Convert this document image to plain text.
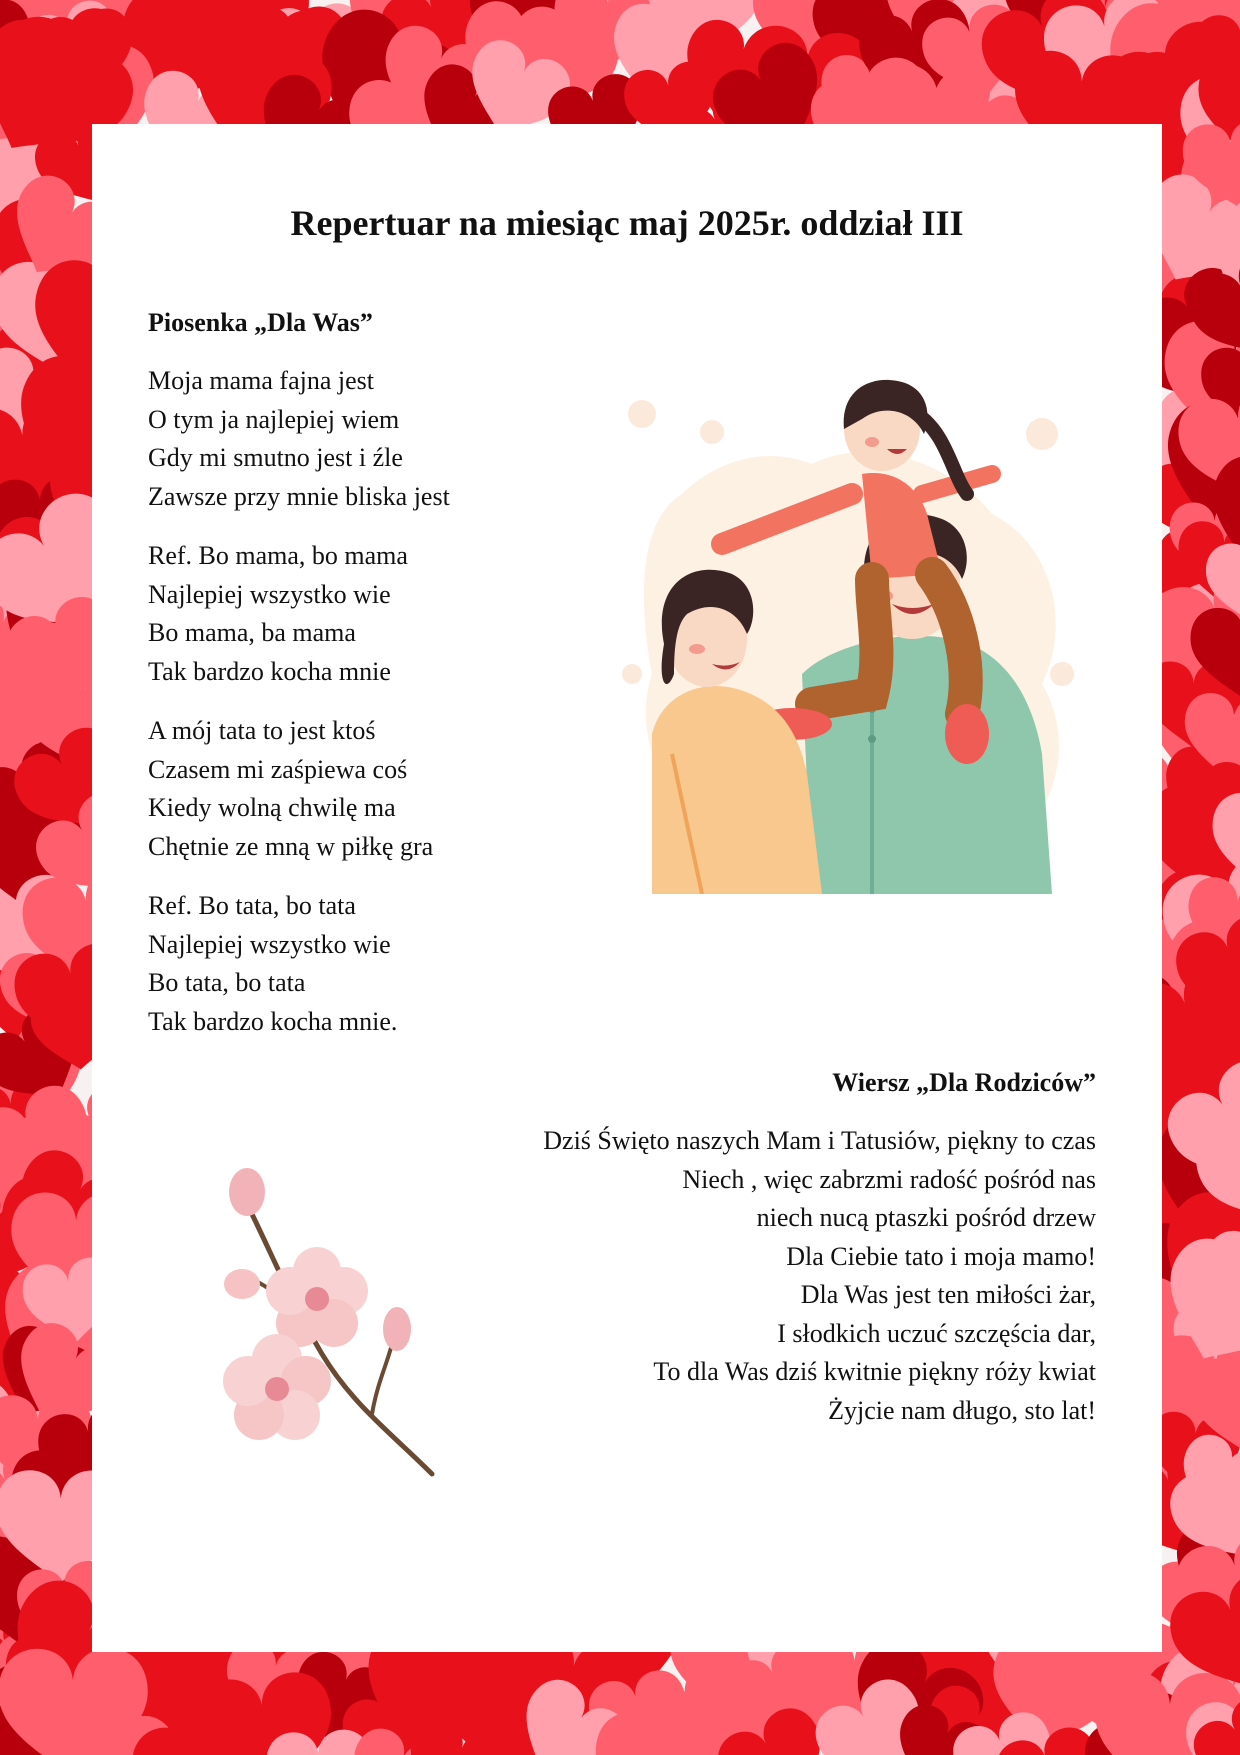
Repertuar na miesiąc maj 2025r. oddział III
Piosenka „Dla Was”
Moja mama fajna jest
O tym ja najlepiej wiem
Gdy mi smutno jest i źle
Zawsze przy mnie bliska jest
Ref. Bo mama, bo mama
Najlepiej wszystko wie
Bo mama, ba mama
Tak bardzo kocha mnie
A mój tata to jest ktoś
Czasem mi zaśpiewa coś
Kiedy wolną chwilę ma
Chętnie ze mną w piłkę gra
Ref. Bo tata, bo tata
Najlepiej wszystko wie
Bo tata, bo tata
Tak bardzo kocha mnie.
Wiersz „Dla Rodziców”
Dziś Święto naszych Mam i Tatusiów, piękny to czas
Niech , więc zabrzmi radość pośród nas
niech nucą ptaszki pośród drzew
Dla Ciebie tato i moja mamo!
Dla Was jest ten miłości żar,
I słodkich uczuć szczęścia dar,
To dla Was dziś kwitnie piękny róży kwiat
Żyjcie nam długo, sto lat!
